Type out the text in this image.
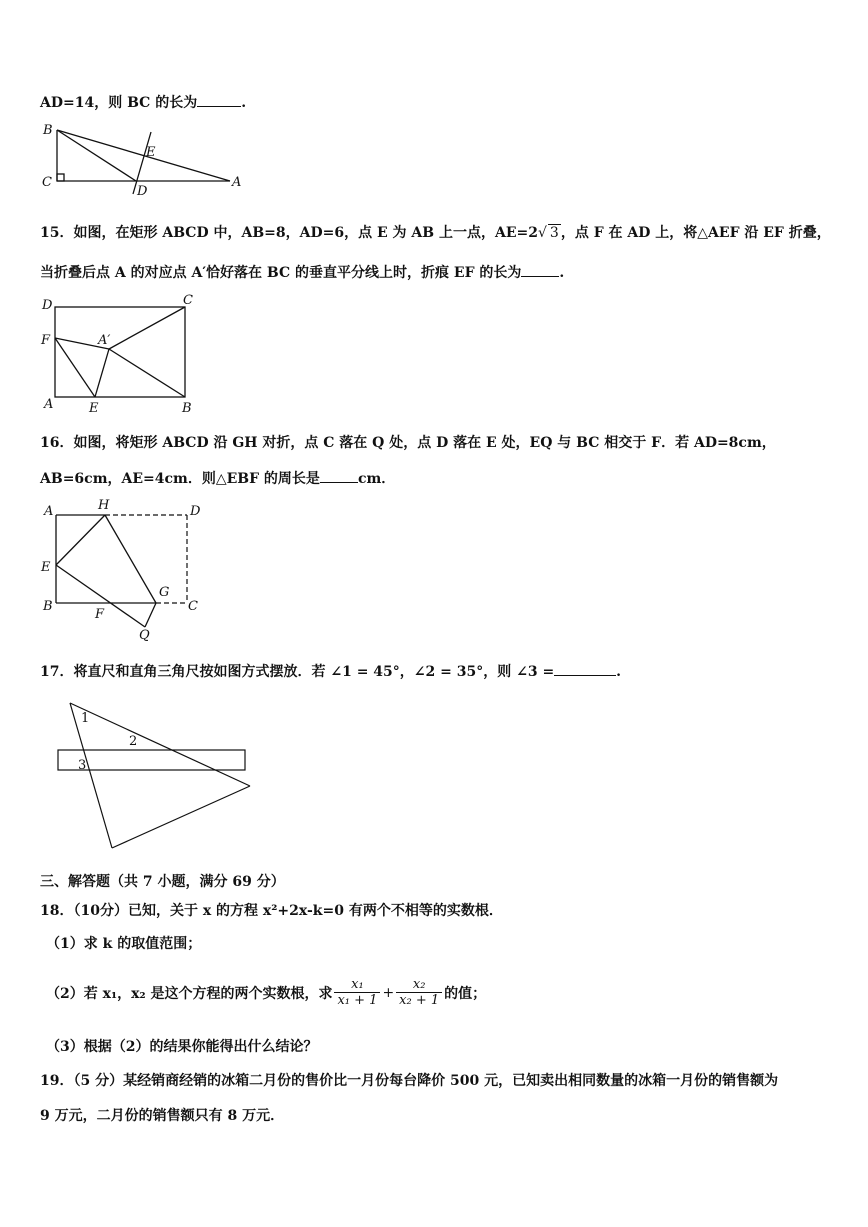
AD=14，则 BC 的长为	.
B
C
D
E
A
15．如图，在矩形 ABCD 中，AB=8，AD=6，点 E 为 AB 上一点，AE=2√ 3 ，点 F 在 AD 上，将△AEF 沿 EF 折叠，
当折叠后点 A 的对应点 A′恰好落在 BC 的垂直平分线上时，折痕 EF 的长为	.
D	C
F	A′
A	E	B
16．如图，将矩形 ABCD 沿 GH 对折，点 C 落在 Q 处，点 D 落在 E 处，EQ 与 BC 相交于 F．若 AD=8cm，
AB=6cm，AE=4cm．则△EBF 的周长是	cm．
A	H	D
E
G
B
F
C
Q
17．将直尺和直角三角尺按如图方式摆放．若 ∠1 = 45°，∠2 = 35°，则 ∠3 =	.
1
2
3
三、解答题（共 7 小题，满分 69 分）
18．（10分）已知，关于 x 的方程 x²+2x-k=0 有两个不相等的实数根．
（1）求 k 的取值范围；
（2）若 x₁，x₂ 是这个方程的两个实数根，求 $\frac{\text{x₁}}{\text{x₁ + 1}} + \frac{\text{x₂}}{\text{x₂ + 1}}$ 的值；
（3）根据（2）的结果你能得出什么结论？
19．（5 分）某经销商经销的冰箱二月份的售价比一月份每台降价 500 元，已知卖出相同数量的冰箱一月份的销售额为
9 万元，二月份的销售额只有 8 万元．
